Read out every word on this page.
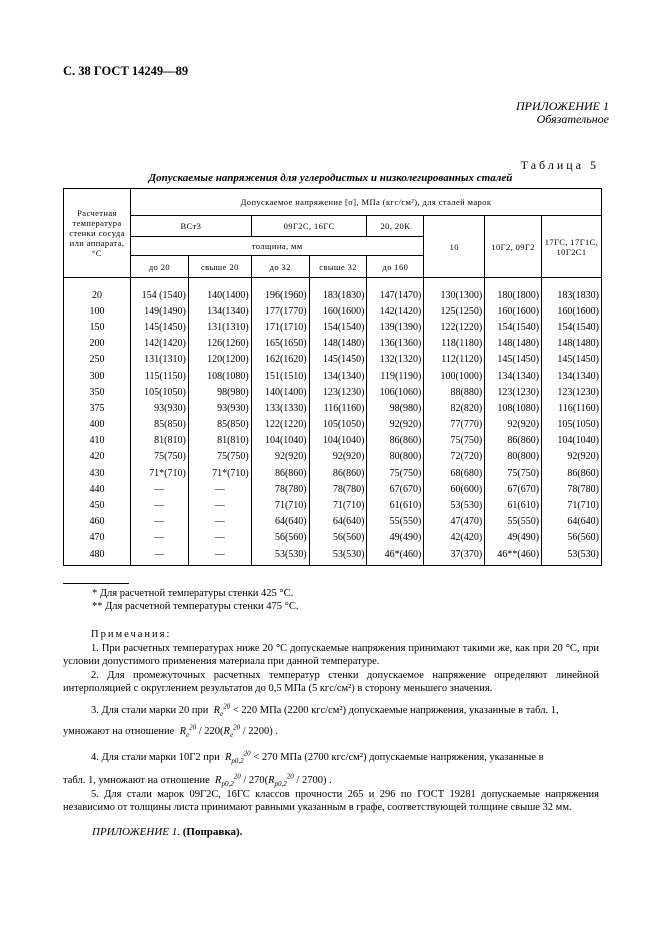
С. 38 ГОСТ 14249—89
ПРИЛОЖЕНИЕ 1
Обязательное
Таблица 5
Допускаемые напряжения для углеродистых и низколегированных сталей
Расчетная температура стенки сосуда или аппарата, °С	Допускаемое напряжение [σ], МПа (кгс/см²), для сталей марок							
	ВСт3		09Г2С, 16ГС		20, 20К	10	10Г2, 09Г2	17ГС, 17Г1С, 10Г2С1
	толщина, мм							
	до 20	свыше 20	до 32	свыше 32	до 160			
20	154 (1540)	140(1400)	196(1960)	183(1830)	147(1470)	130(1300)	180(1800)	183(1830)
100	149(1490)	134(1340)	177(1770)	160(1600)	142(1420)	125(1250)	160(1600)	160(1600)
150	145(1450)	131(1310)	171(1710)	154(1540)	139(1390)	122(1220)	154(1540)	154(1540)
200	142(1420)	126(1260)	165(1650)	148(1480)	136(1360)	118(1180)	148(1480)	148(1480)
250	131(1310)	120(1200)	162(1620)	145(1450)	132(1320)	112(1120)	145(1450)	145(1450)
300	115(1150)	108(1080)	151(1510)	134(1340)	119(1190)	100(1000)	134(1340)	134(1340)
350	105(1050)	98(980)	140(1400)	123(1230)	106(1060)	88(880)	123(1230)	123(1230)
375	93(930)	93(930)	133(1330)	116(1160)	98(980)	82(820)	108(1080)	116(1160)
400	85(850)	85(850)	122(1220)	105(1050)	92(920)	77(770)	92(920)	105(1050)
410	81(810)	81(810)	104(1040)	104(1040)	86(860)	75(750)	86(860)	104(1040)
420	75(750)	75(750)	92(920)	92(920)	80(800)	72(720)	80(800)	92(920)
430	71*(710)	71*(710)	86(860)	86(860)	75(750)	68(680)	75(750)	86(860)
440	—	—	78(780)	78(780)	67(670)	60(600)	67(670)	78(780)
450	—	—	71(710)	71(710)	61(610)	53(530)	61(610)	71(710)
460	—	—	64(640)	64(640)	55(550)	47(470)	55(550)	64(640)
470	—	—	56(560)	56(560)	49(490)	42(420)	49(490)	56(560)
480	—	—	53(530)	53(530)	46*(460)	37(370)	46**(460)	53(530)
* Для расчетной температуры стенки 425 °С.
** Для расчетной температуры стенки 475 °С.

Примечания:

1. При расчетных температурах ниже 20 °С допускаемые напряжения принимают такими же, как при 20 °С, при условии допустимого применения материала при данной температуре.

2. Для промежуточных расчетных температур стенки допускаемое напряжение определяют линейной интерполяцией с округлением результатов до 0,5 МПа (5 кгс/см²) в сторону меньшего значения.

3. Для стали марки 20 при  $R_e^{20} < 220$ МПа (2200 кгс/см²) допускаемые напряжения, указанные в табл. 1,

умножают на отношение  $R_e^{20} / 220(R_e^{20} / 2200)$ .

4. Для стали марки 10Г2 при  $R_{p0,2}^{20} < 270$ МПа (2700 кгс/см²) допускаемые напряжения, указанные в

табл. 1, умножают на отношение  $R_{p0,2}^{20} / 270(R_{p0,2}^{20} / 2700)$ .

5. Для стали марок 09Г2С, 16ГС классов прочности 265 и 296 по ГОСТ 19281 допускаемые напряжения независимо от толщины листа принимают равными указанным в графе, соответствующей толщине свыше 32 мм.

ПРИЛОЖЕНИЕ 1. (Поправка).
